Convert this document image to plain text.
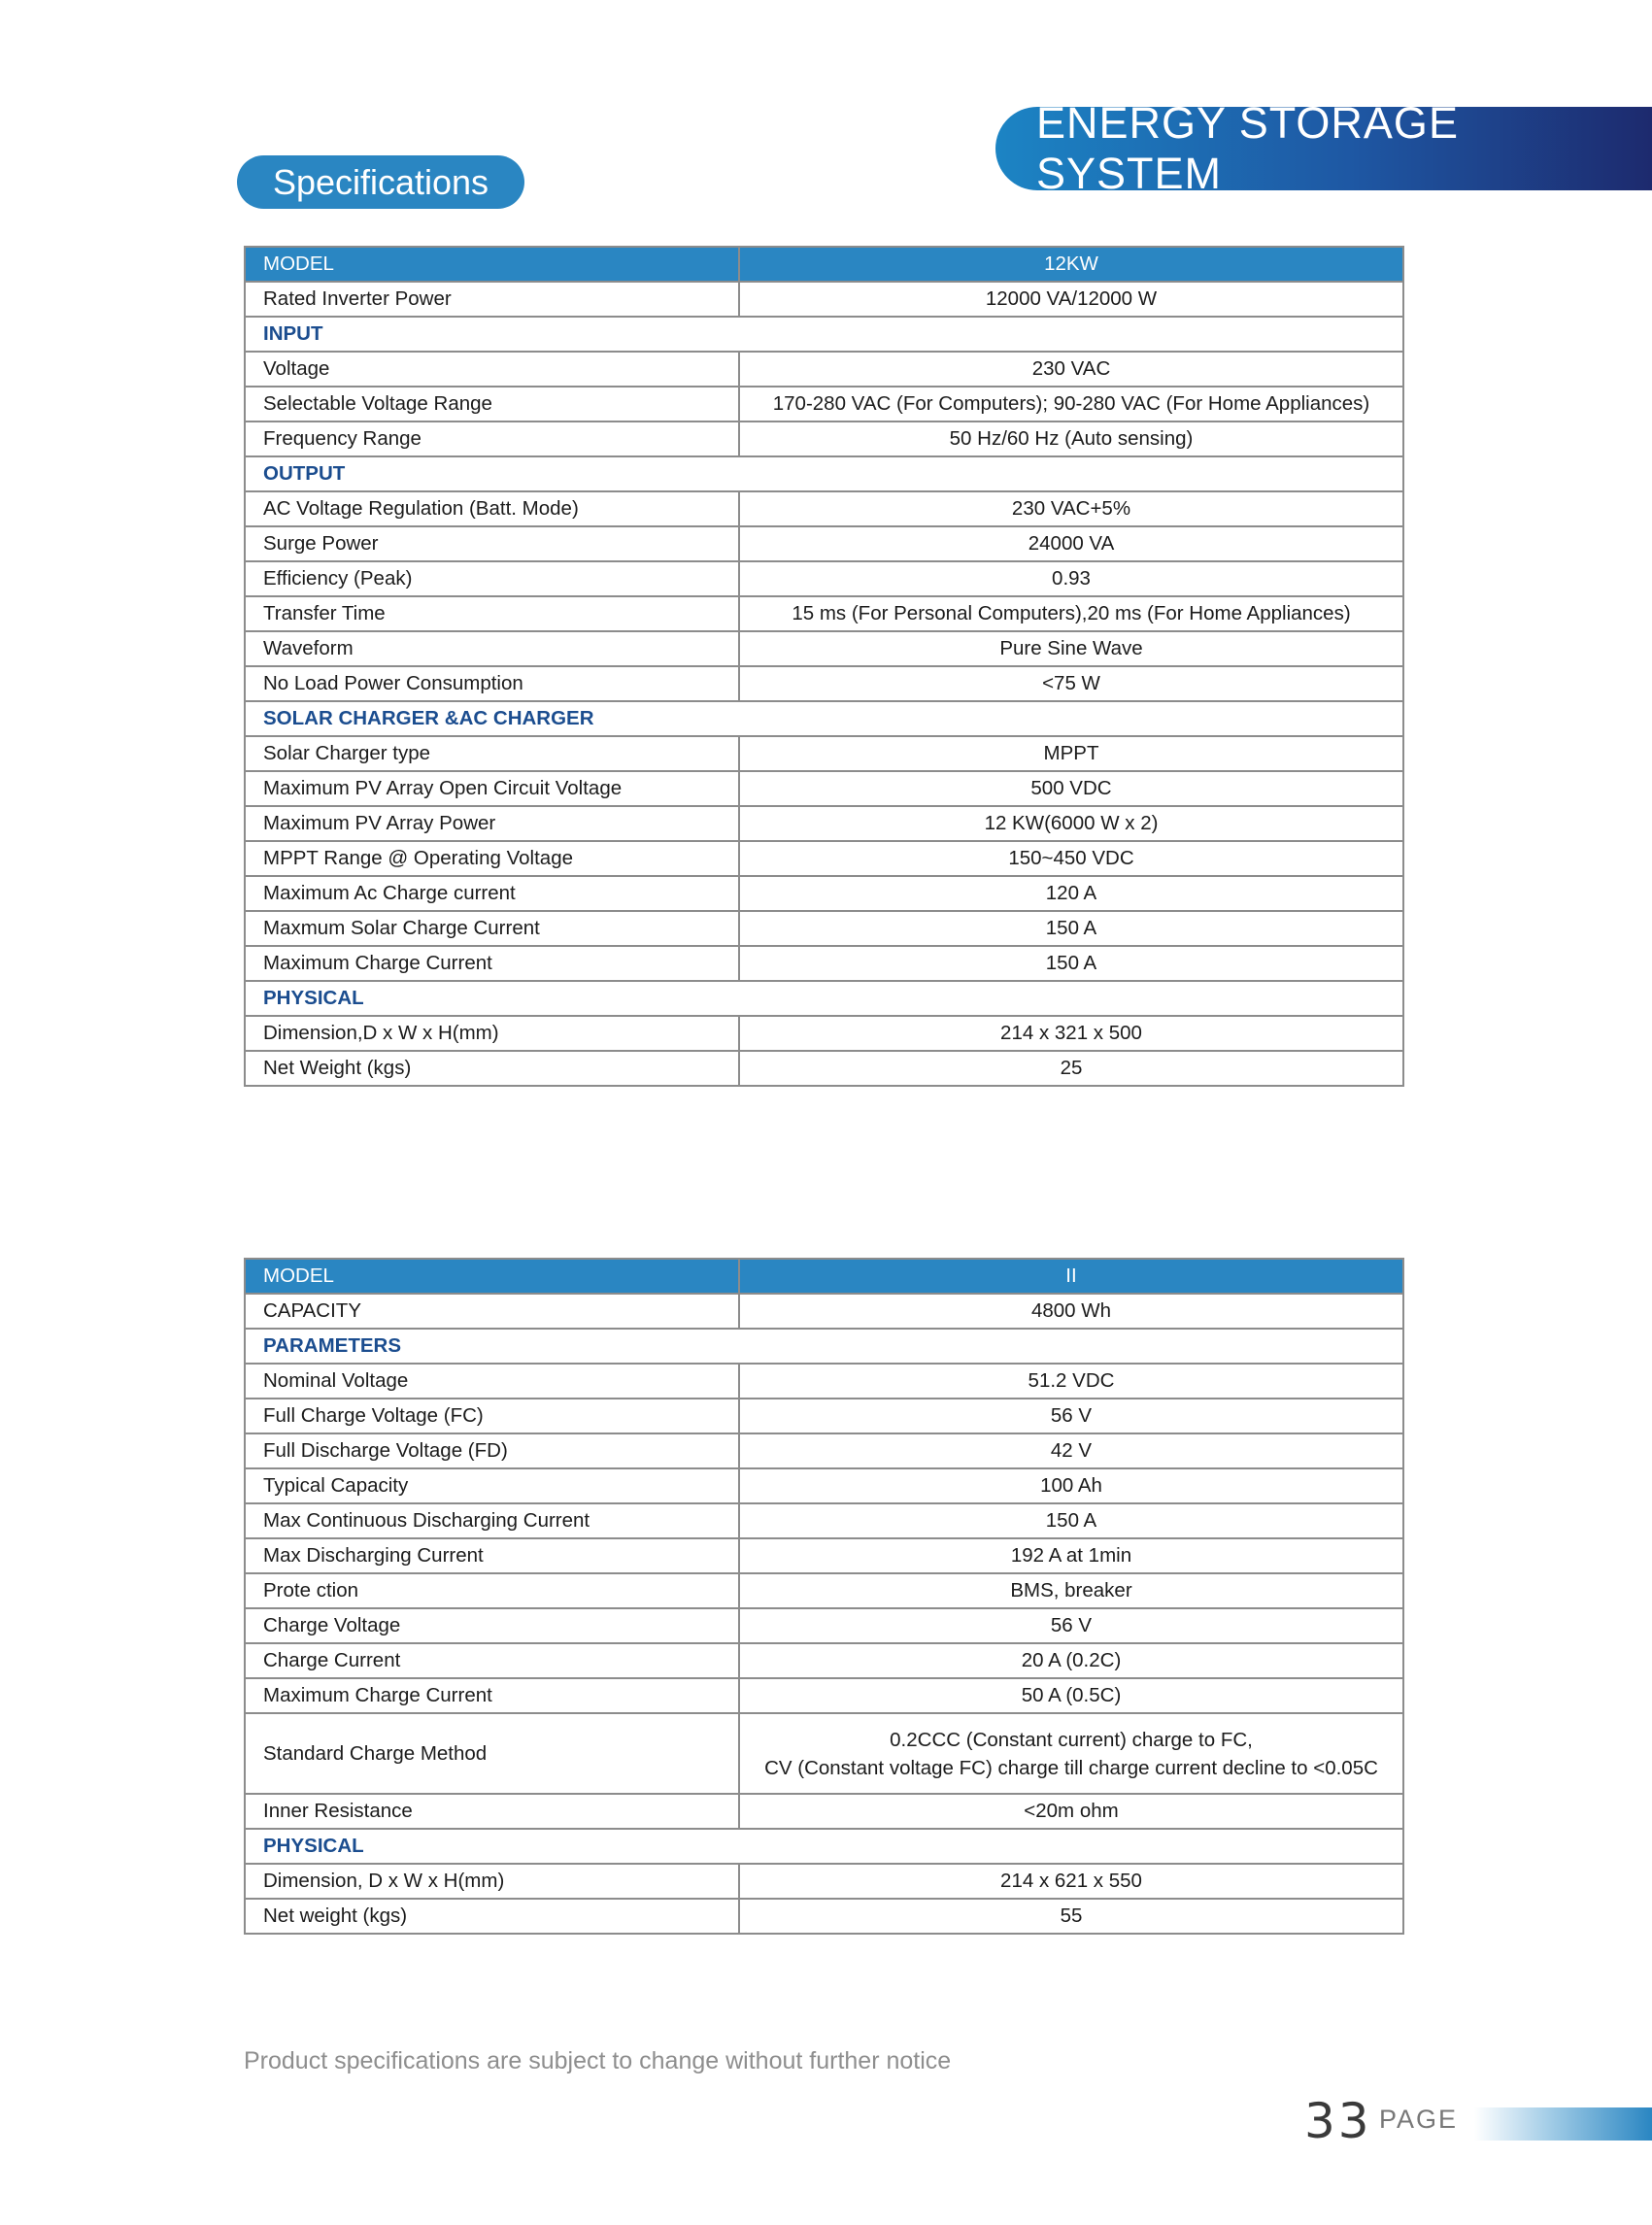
ENERGY STORAGE SYSTEM
Specifications
MODEL	12KW
Rated Inverter Power	12000 VA/12000 W
INPUT	
Voltage	230 VAC
Selectable Voltage Range	170-280 VAC (For Computers); 90-280 VAC (For Home Appliances)
Frequency Range	50 Hz/60 Hz (Auto sensing)
OUTPUT	
AC Voltage Regulation (Batt. Mode)	230 VAC+5%
Surge Power	24000 VA
Efficiency (Peak)	0.93
Transfer Time	15 ms (For Personal Computers),20 ms (For Home Appliances)
Waveform	Pure Sine Wave
No Load Power Consumption	<75 W
SOLAR CHARGER &AC CHARGER	
Solar Charger type	MPPT
Maximum PV Array Open Circuit Voltage	500 VDC
Maximum PV Array Power	12 KW(6000 W x 2)
MPPT Range @ Operating Voltage	150~450 VDC
Maximum Ac Charge current	120 A
Maxmum Solar Charge Current	150 A
Maximum Charge Current	150 A
PHYSICAL	
Dimension,D x W x H(mm)	214 x 321 x 500
Net Weight (kgs)	25
MODEL	II
CAPACITY	4800 Wh
PARAMETERS	
Nominal Voltage	51.2 VDC
Full Charge Voltage (FC)	56 V
Full Discharge Voltage (FD)	42 V
Typical Capacity	100 Ah
Max Continuous Discharging Current	150 A
Max Discharging Current	192 A at 1min
Prote ction	BMS, breaker
Charge Voltage	56 V
Charge Current	20 A (0.2C)
Maximum Charge Current	50 A (0.5C)
Standard Charge Method	0.2CCC (Constant current) charge to FC,
CV (Constant voltage FC) charge till charge current decline to <0.05C

Inner Resistance	<20m ohm
PHYSICAL	
Dimension, D x W x H(mm)	214 x 621 x 550
Net weight (kgs)	55
Product specifications are subject to change without further notice
33 PAGE
